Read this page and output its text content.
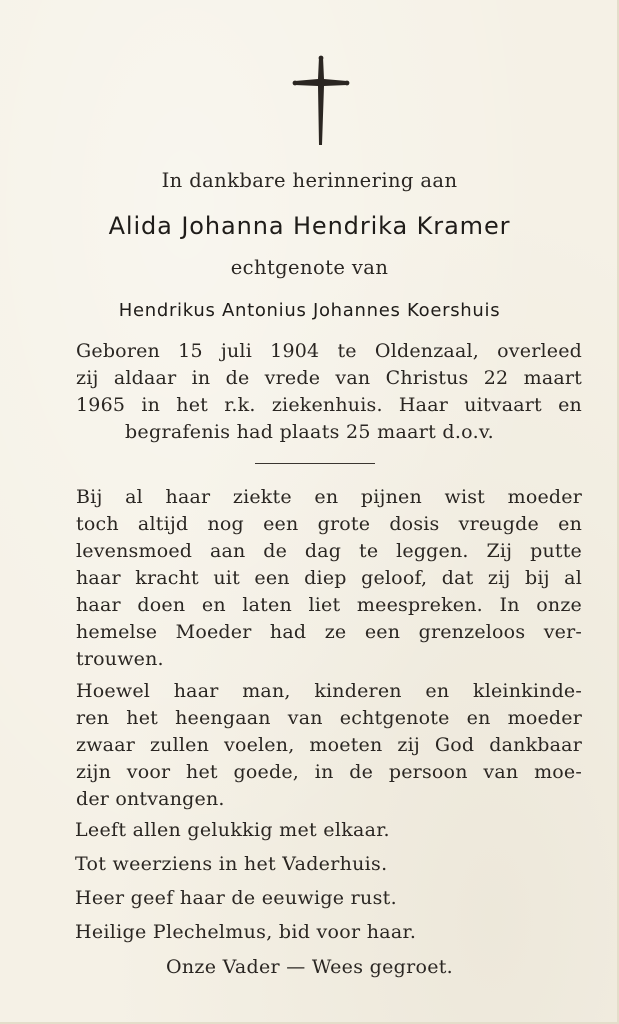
In dankbare herinnering aan
Alida Johanna Hendrika Kramer
echtgenote van
Hendrikus Antonius Johannes Koershuis
Geboren 15 juli 1904 te Oldenzaal, overleed
zij aldaar in de vrede van Christus 22 maart
1965 in het r.k. ziekenhuis. Haar uitvaart en
begrafenis had plaats 25 maart d.o.v.
Bij al haar ziekte en pijnen wist moeder
toch altijd nog een grote dosis vreugde en
levensmoed aan de dag te leggen. Zij putte
haar kracht uit een diep geloof, dat zij bij al
haar doen en laten liet meespreken. In onze
hemelse Moeder had ze een grenzeloos ver-
trouwen.
Hoewel haar man, kinderen en kleinkinde-
ren het heengaan van echtgenote en moeder
zwaar zullen voelen, moeten zij God dankbaar
zijn voor het goede, in de persoon van moe-
der ontvangen.
Leeft allen gelukkig met elkaar.
Tot weerziens in het Vaderhuis.
Heer geef haar de eeuwige rust.
Heilige Plechelmus, bid voor haar.
Onze Vader — Wees gegroet.
